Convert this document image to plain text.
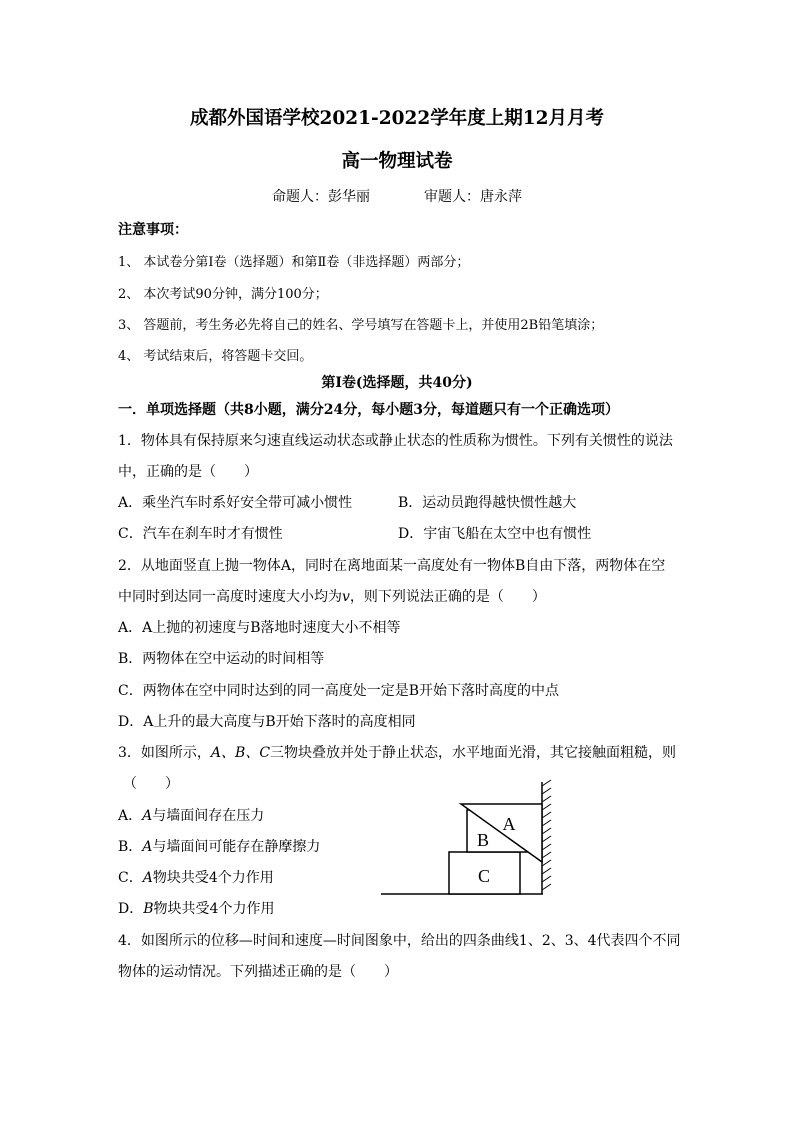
成都外国语学校2021-2022学年度上期12月月考
高一物理试卷
命题人：彭华丽	审题人：唐永萍
注意事项：
1、 本试卷分第Ⅰ卷（选择题）和第Ⅱ卷（非选择题）两部分；
2、 本次考试90分钟，满分100分；
3、 答题前，考生务必先将自己的姓名、学号填写在答题卡上，并使用2B铅笔填涂；
4、 考试结束后，将答题卡交回。
第Ⅰ卷(选择题，共40分)
一．单项选择题（共8小题，满分24分，每小题3分，每道题只有一个正确选项）
1．物体具有保持原来匀速直线运动状态或静止状态的性质称为惯性。下列有关惯性的说法
中，正确的是（　　）
A．乘坐汽车时系好安全带可减小惯性	B．运动员跑得越快惯性越大
C．汽车在刹车时才有惯性	D．宇宙飞船在太空中也有惯性
2．从地面竖直上抛一物体A，同时在离地面某一高度处有一物体B自由下落，两物体在空
中同时到达同一高度时速度大小均为v，则下列说法正确的是（　　）
A．A上抛的初速度与B落地时速度大小不相等
B．两物体在空中运动的时间相等
C．两物体在空中同时达到的同一高度处一定是B开始下落时高度的中点
D．A上升的最大高度与B开始下落时的高度相同
3．如图所示，A、B、C三物块叠放并处于静止状态，水平地面光滑，其它接触面粗糙，则
（　　）
A．A与墙面间存在压力
B．A与墙面间可能存在静摩擦力
C．A物块共受4个力作用
D．B物块共受4个力作用
C
B
A
4．如图所示的位移—时间和速度—时间图象中，给出的四条曲线1、2、3、4代表四个不同
物体的运动情况。下列描述正确的是（　　）
